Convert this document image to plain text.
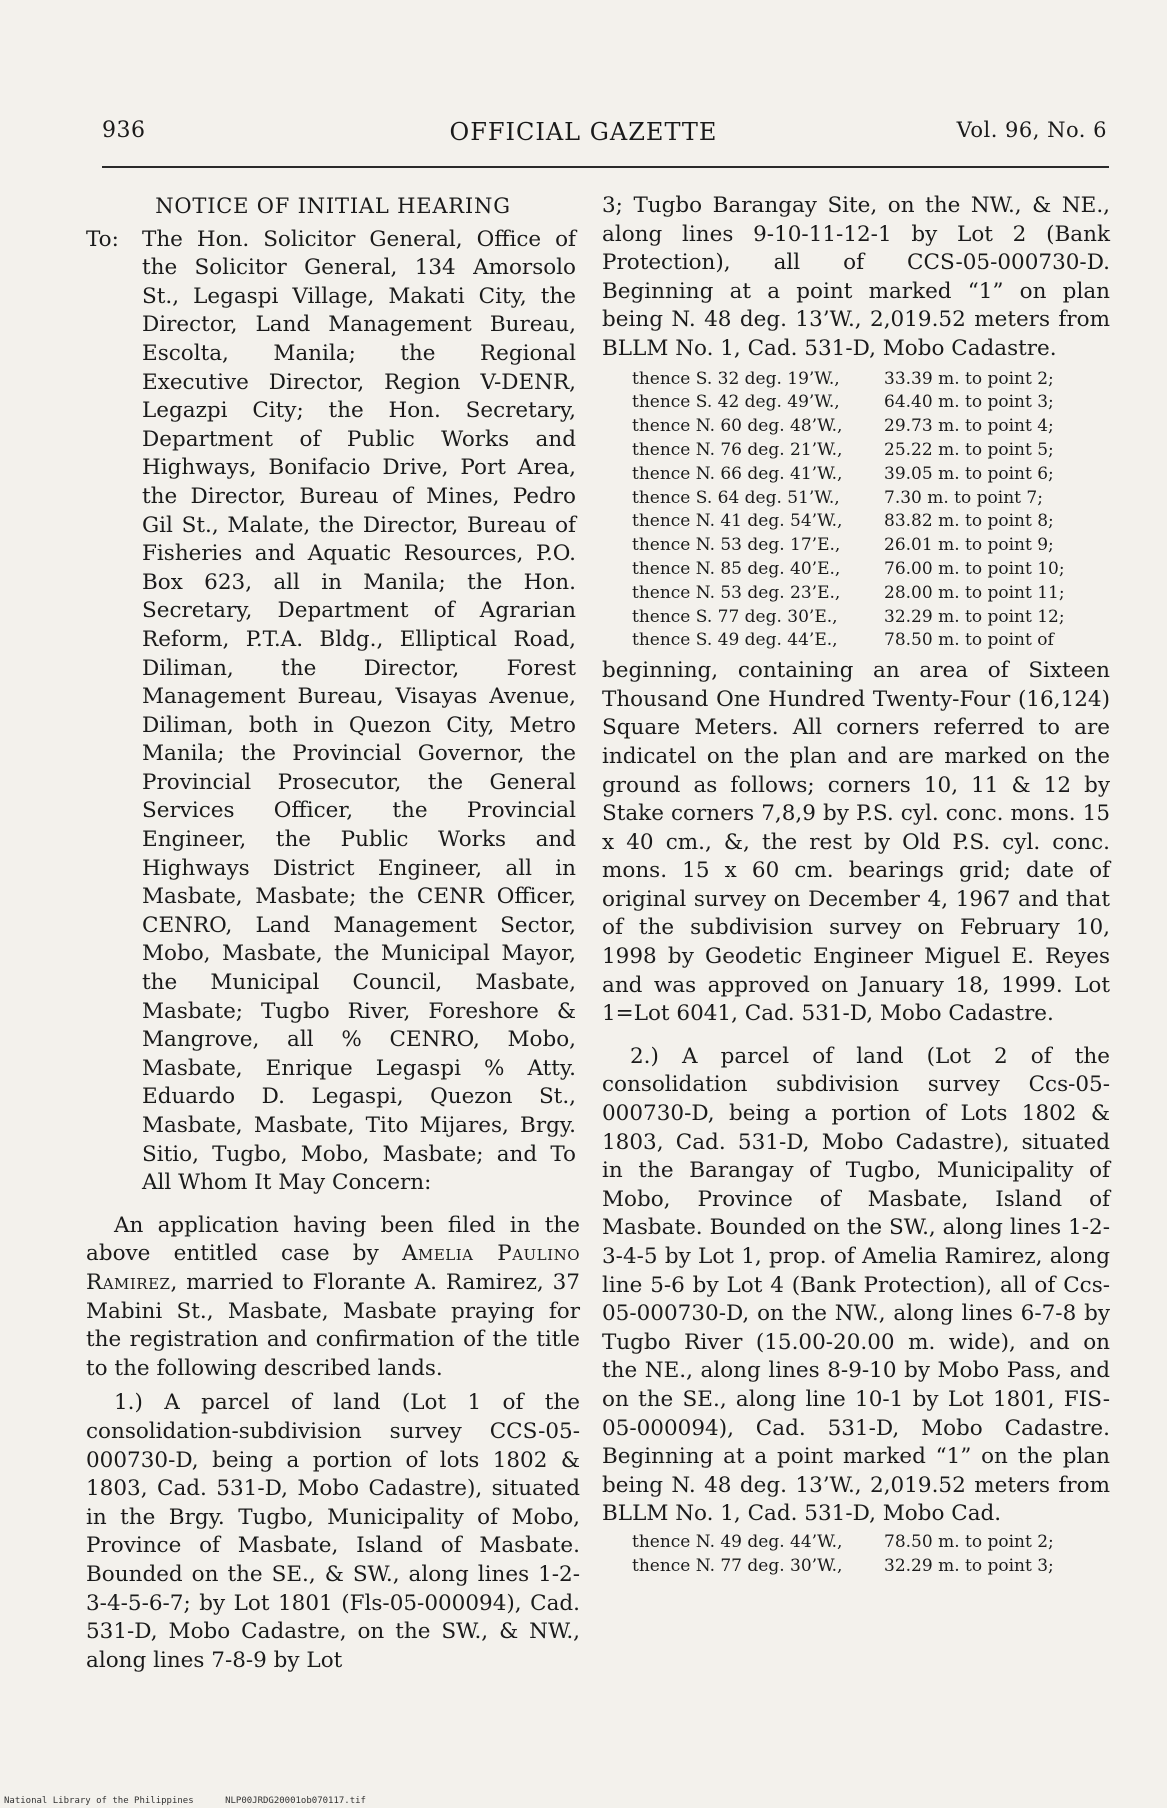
936	OFFICIAL GAZETTE	Vol. 96, No. 6
NOTICE OF INITIAL HEARING
To:	The Hon. Solicitor General, Office of the Solicitor General, 134 Amorsolo St., Legaspi Village, Makati City, the Director, Land Management Bureau, Escolta, Manila; the Regional Executive Director, Region V-DENR, Legazpi City; the Hon. Secretary, Department of Public Works and Highways, Bonifacio Drive, Port Area, the Director, Bureau of Mines, Pedro Gil St., Malate, the Director, Bureau of Fisheries and Aquatic Resources, P.O. Box 623, all in Manila; the Hon. Secretary, Department of Agrarian Reform, P.T.A. Bldg., Elliptical Road, Diliman, the Director, Forest Management Bureau, Visayas Avenue, Diliman, both in Quezon City, Metro Manila; the Provincial Governor, the Provincial Prosecutor, the General Services Officer, the Provincial Engineer, the Public Works and Highways District Engineer, all in Masbate, Masbate; the CENR Officer, CENRO, Land Management Sector, Mobo, Masbate, the Municipal Mayor, the Municipal Council, Masbate, Masbate; Tugbo River, Foreshore & Mangrove, all % CENRO, Mobo, Masbate, Enrique Legaspi % Atty. Eduardo D. Legaspi, Quezon St., Masbate, Masbate, Tito Mijares, Brgy. Sitio, Tugbo, Mobo, Masbate; and To All Whom It May Concern:

An application having been filed in the above entitled case by Amelia Paulino Ramirez, married to Florante A. Ramirez, 37 Mabini St., Masbate, Masbate praying for the registration and confirmation of the title to the following described lands.

1.) A parcel of land (Lot 1 of the consolidation-subdivision survey CCS-05-000730-D, being a portion of lots 1802 & 1803, Cad. 531-D, Mobo Cadastre), situated in the Brgy. Tugbo, Municipality of Mobo, Province of Masbate, Island of Masbate. Bounded on the SE., & SW., along lines 1-2-3-4-5-6-7; by Lot 1801 (Fls-05-000094), Cad. 531-D, Mobo Cadastre, on the SW., & NW., along lines 7-8-9 by Lot

3; Tugbo Barangay Site, on the NW., & NE., along lines 9-10-11-12-1 by Lot 2 (Bank Protection), all of CCS-05-000730-D. Beginning at a point marked “1” on plan being N. 48 deg. 13’W., 2,019.52 meters from BLLM No. 1, Cad. 531-D, Mobo Cadastre.

thence S. 32 deg. 19’W.,	33.39 m. to point 2;
thence S. 42 deg. 49’W.,	64.40 m. to point 3;
thence N. 60 deg. 48’W.,	29.73 m. to point 4;
thence N. 76 deg. 21’W.,	25.22 m. to point 5;
thence N. 66 deg. 41’W.,	39.05 m. to point 6;
thence S. 64 deg. 51’W.,	7.30 m. to point 7;
thence N. 41 deg. 54’W.,	83.82 m. to point 8;
thence N. 53 deg. 17’E.,	26.01 m. to point 9;
thence N. 85 deg. 40’E.,	76.00 m. to point 10;
thence N. 53 deg. 23’E.,	28.00 m. to point 11;
thence S. 77 deg. 30’E.,	32.29 m. to point 12;
thence S. 49 deg. 44’E.,	78.50 m. to point of

beginning, containing an area of Sixteen Thousand One Hundred Twenty-Four (16,124) Square Meters. All corners referred to are indicatel on the plan and are marked on the ground as follows; corners 10, 11 & 12 by Stake corners 7,8,9 by P.S. cyl. conc. mons. 15 x 40 cm., &, the rest by Old P.S. cyl. conc. mons. 15 x 60 cm. bearings grid; date of original survey on December 4, 1967 and that of the subdivision survey on February 10, 1998 by Geodetic Engineer Miguel E. Reyes and was approved on January 18, 1999. Lot 1=Lot 6041, Cad. 531-D, Mobo Cadastre.

2.) A parcel of land (Lot 2 of the consolidation subdivision survey Ccs-05-000730-D, being a portion of Lots 1802 & 1803, Cad. 531-D, Mobo Cadastre), situated in the Barangay of Tugbo, Municipality of Mobo, Province of Masbate, Island of Masbate. Bounded on the SW., along lines 1-2-3-4-5 by Lot 1, prop. of Amelia Ramirez, along line 5-6 by Lot 4 (Bank Protection), all of Ccs-05-000730-D, on the NW., along lines 6-7-8 by Tugbo River (15.00-20.00 m. wide), and on the NE., along lines 8-9-10 by Mobo Pass, and on the SE., along line 10-1 by Lot 1801, FIS-05-000094), Cad. 531-D, Mobo Cadastre. Beginning at a point marked “1” on the plan being N. 48 deg. 13’W., 2,019.52 meters from BLLM No. 1, Cad. 531-D, Mobo Cad.

thence N. 49 deg. 44’W.,	78.50 m. to point 2;
thence N. 77 deg. 30’W.,	32.29 m. to point 3;
National Library of the Philippines	NLP00JRDG20001ob070117.tif
